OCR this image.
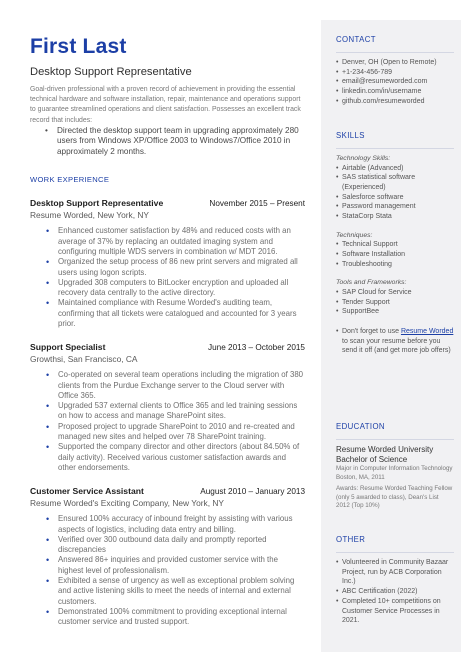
First Last
Desktop Support Representative
Goal-driven professional with a proven record of achievement in providing the essential technical hardware and software installation, repair, maintenance and operations support to guarantee streamlined operations and client satisfaction. Possesses an excellent track record that includes:
• Directed the desktop support team in upgrading approximately 280 users from Windows XP/Office 2003 to Windows7/Office 2010 in approximately 2 months.
WORK EXPERIENCE
Desktop Support Representative	November 2015 – Present
Resume Worded, New York, NY
• Enhanced customer satisfaction by 48% and reduced costs with an average of 37% by replacing an outdated imaging system and configuring multiple WDS servers in combination w/ MDT 2016.
• Organized the setup process of 86 new print servers and migrated all users using logon scripts.
• Upgraded 308 computers to BitLocker encryption and uploaded all recovery data centrally to the active directory.
• Maintained compliance with Resume Worded's auditing team, confirming that all tickets were catalogued and accounted for 3 years prior.
Support Specialist	June 2013 – October 2015
Growthsi, San Francisco, CA
• Co-operated on several team operations including the migration of 380 clients from the Purdue Exchange server to the Cloud server with Office 365.
• Upgraded 537 external clients to Office 365 and led training sessions on how to access and manage SharePoint sites.
• Proposed project to upgrade SharePoint to 2010 and re-created and managed new sites and helped over 78 SharePoint training.
• Supported the company director and other directors (about 84.50% of daily activity). Received various customer satisfaction awards and other endorsements.
Customer Service Assistant	August 2010 – January 2013
Resume Worded's Exciting Company, New York, NY
• Ensured 100% accuracy of inbound freight by assisting with various aspects of logistics, including data entry and billing.
• Verified over 300 outbound data daily and promptly reported discrepancies
• Answered 86+ inquiries and provided customer service with the highest level of professionalism.
• Exhibited a sense of urgency as well as exceptional problem solving and active listening skills to meet the needs of internal and external customers.
• Demonstrated 100% commitment to providing exceptional internal customer service and trusted support.
CONTACT
• Denver, OH (Open to Remote)
• +1-234-456-789
• email@resumeworded.com
• linkedin.com/in/username
• github.com/resumeworded
SKILLS
Technology Skills:
• Airtable (Advanced)
• SAS statistical software (Experienced)
• Salesforce software
• Password management
• StataCorp Stata
Techniques:
• Technical Support
• Software Installation
• Troubleshooting
Tools and Frameworks:
• SAP Cloud for Service
• Tender Support
• SupportBee
• Don't forget to use Resume Worded to scan your resume before you send it off (and get more job offers)
EDUCATION
Resume Worded University
Bachelor of Science
Major in Computer Information Technology
Boston, MA, 2011
Awards: Resume Worded Teaching Fellow (only 5 awarded to class), Dean's List 2012 (Top 10%)
OTHER
• Volunteered in Community Bazaar Project, run by ACB Corporation Inc.)
• ABC Certification (2022)
• Completed 10+ competitions on Customer Service Processes in 2021.
